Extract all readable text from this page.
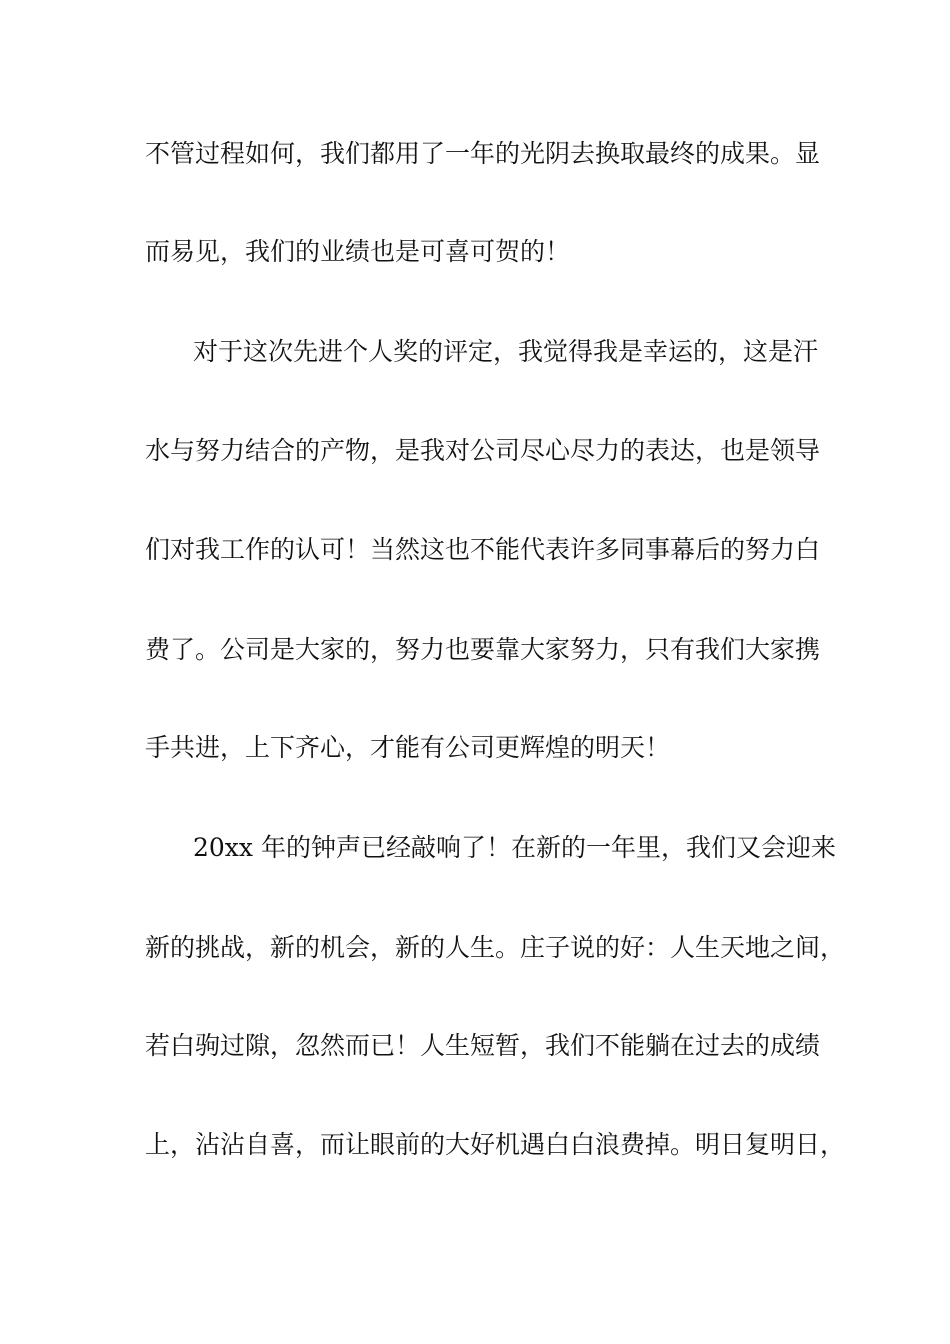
不管过程如何，我们都用了一年的光阴去换取最终的成果。显
而易见，我们的业绩也是可喜可贺的！
对于这次先进个人奖的评定，我觉得我是幸运的，这是汗
水与努力结合的产物，是我对公司尽心尽力的表达，也是领导
们对我工作的认可！当然这也不能代表许多同事幕后的努力白
费了。公司是大家的，努力也要靠大家努力，只有我们大家携
手共进，上下齐心，才能有公司更辉煌的明天！
20xx 年的钟声已经敲响了！在新的一年里，我们又会迎来
新的挑战，新的机会，新的人生。庄子说的好：人生天地之间，
若白驹过隙，忽然而已！人生短暂，我们不能躺在过去的成绩
上，沾沾自喜，而让眼前的大好机遇白白浪费掉。明日复明日，
